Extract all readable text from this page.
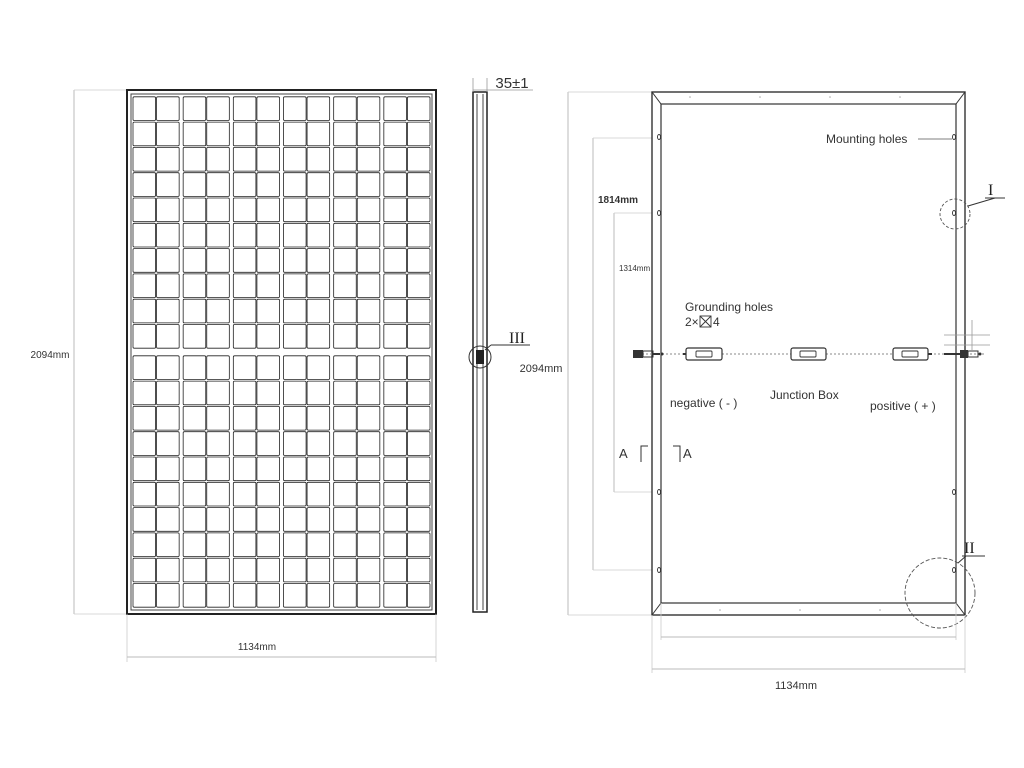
2094mm
1134mm
35±1
III
2094mm
1814mm
1314mm
Mounting holes
I
II
Grounding holes
2× 4
negative ( - )
Junction Box
positive ( + )
A	A
1134mm
